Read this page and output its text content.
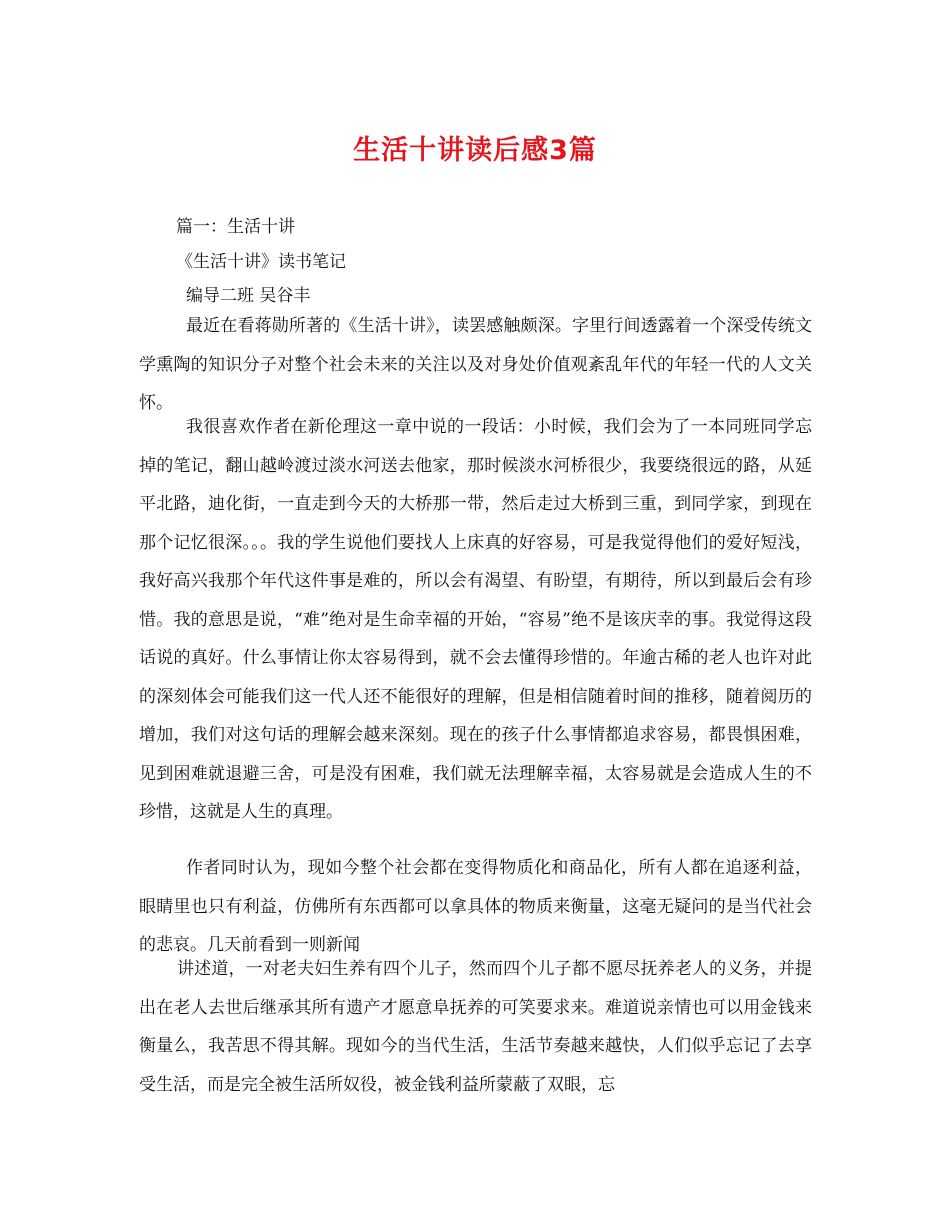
生活十讲读后感3篇
篇一：生活十讲
《生活十讲》读书笔记
编导二班 吴谷丰

最近在看蒋勋所著的《生活十讲》，读罢感触颇深。字里行间透露着一个深受传统文学熏陶的知识分子对整个社会未来的关注以及对身处价值观紊乱年代的年轻一代的人文关怀。

我很喜欢作者在新伦理这一章中说的一段话：小时候，我们会为了一本同班同学忘掉的笔记，翻山越岭渡过淡水河送去他家，那时候淡水河桥很少，我要绕很远的路，从延平北路，迪化街，一直走到今天的大桥那一带，然后走过大桥到三重，到同学家，到现在那个记忆很深。。。我的学生说他们要找人上床真的好容易，可是我觉得他们的爱好短浅，我好高兴我那个年代这件事是难的，所以会有渴望、有盼望，有期待，所以到最后会有珍惜。我的意思是说，“难”绝对是生命幸福的开始，“容易”绝不是该庆幸的事。我觉得这段话说的真好。什么事情让你太容易得到，就不会去懂得珍惜的。年逾古稀的老人也许对此的深刻体会可能我们这一代人还不能很好的理解，但是相信随着时间的推移，随着阅历的增加，我们对这句话的理解会越来深刻。现在的孩子什么事情都追求容易，都畏惧困难，见到困难就退避三舍，可是没有困难，我们就无法理解幸福，太容易就是会造成人生的不珍惜，这就是人生的真理。

作者同时认为，现如今整个社会都在变得物质化和商品化，所有人都在追逐利益，眼睛里也只有利益，仿佛所有东西都可以拿具体的物质来衡量，这毫无疑问的是当代社会的悲哀。几天前看到一则新闻

讲述道，一对老夫妇生养有四个儿子，然而四个儿子都不愿尽抚养老人的义务，并提出在老人去世后继承其所有遗产才愿意阜抚养的可笑要求来。难道说亲情也可以用金钱来衡量么，我苦思不得其解。现如今的当代生活，生活节奏越来越快，人们似乎忘记了去享受生活，而是完全被生活所奴役，被金钱利益所蒙蔽了双眼，忘
